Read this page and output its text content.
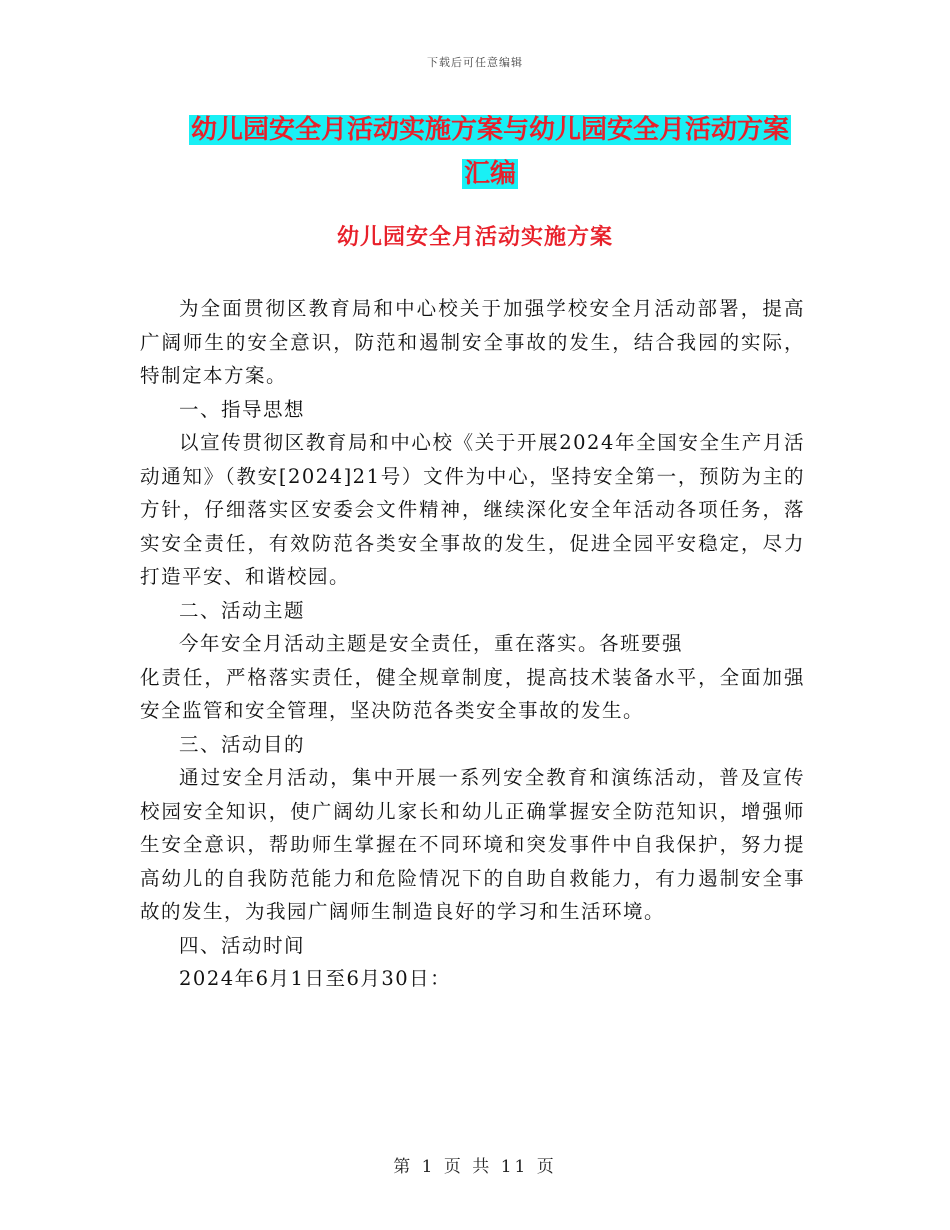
下载后可任意编辑
幼儿园安全月活动实施方案与幼儿园安全月活动方案
汇编
幼儿园安全月活动实施方案

为全面贯彻区教育局和中心校关于加强学校安全月活动部署，提高广阔师生的安全意识，防范和遏制安全事故的发生，结合我园的实际，特制定本方案。

一、指导思想

以宣传贯彻区教育局和中心校《关于开展2024年全国安全生产月活动通知》（教安[2024]21号）文件为中心，坚持安全第一，预防为主的方针，仔细落实区安委会文件精神，继续深化安全年活动各项任务，落实安全责任，有效防范各类安全事故的发生，促进全园平安稳定，尽力打造平安、和谐校园。

二、活动主题

今年安全月活动主题是安全责任，重在落实。各班要强

化责任，严格落实责任，健全规章制度，提高技术装备水平，全面加强安全监管和安全管理，坚决防范各类安全事故的发生。

三、活动目的

通过安全月活动，集中开展一系列安全教育和演练活动，普及宣传校园安全知识，使广阔幼儿家长和幼儿正确掌握安全防范知识，增强师生安全意识，帮助师生掌握在不同环境和突发事件中自我保护，努力提高幼儿的自我防范能力和危险情况下的自助自救能力，有力遏制安全事故的发生，为我园广阔师生制造良好的学习和生活环境。

四、活动时间

2024年6月1日至6月30日：

第 1 页 共 11 页
